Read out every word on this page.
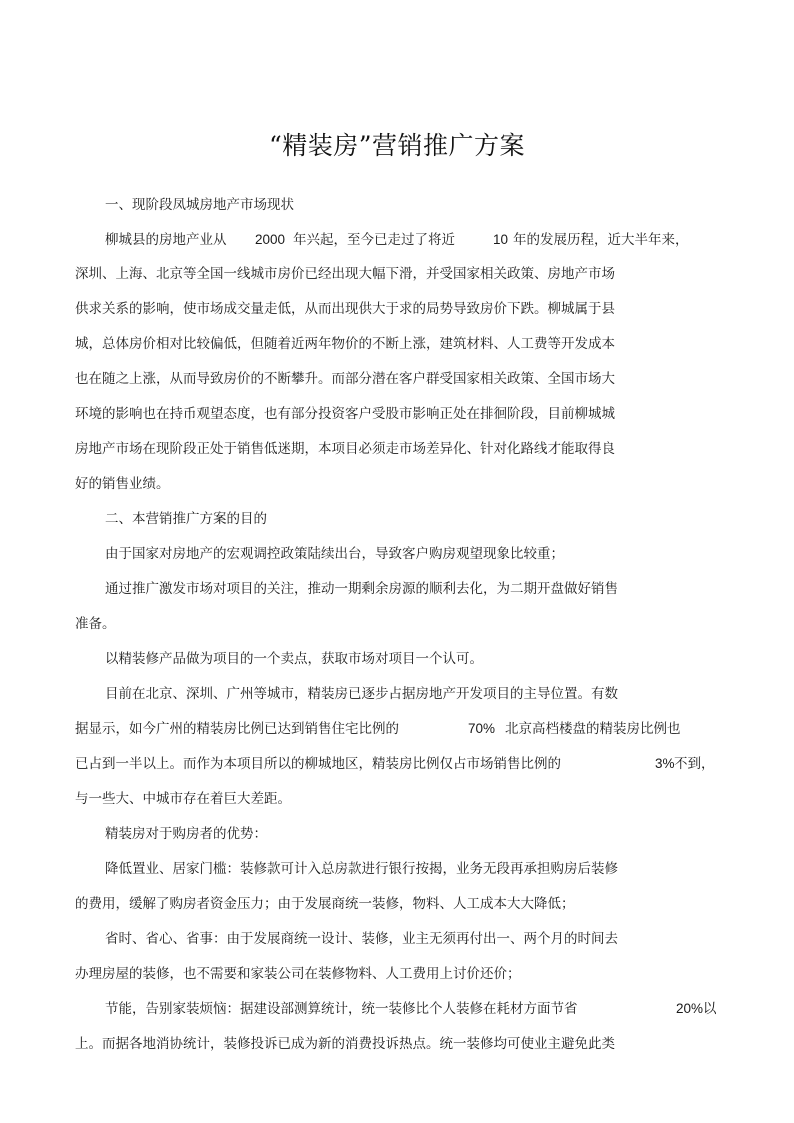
“精装房”营销推广方案
一、现阶段凤城房地产市场现状
柳城县的房地产业从 2000 年兴起，至今已走过了将近	10 年的发展历程，近大半年来，
深圳、上海、北京等全国一线城市房价已经出现大幅下滑，并受国家相关政策、房地产市场
供求关系的影响，使市场成交量走低，从而出现供大于求的局势导致房价下跌。柳城属于县
城，总体房价相对比较偏低，但随着近两年物价的不断上涨，建筑材料、人工费等开发成本
也在随之上涨，从而导致房价的不断攀升。而部分潜在客户群受国家相关政策、全国市场大
环境的影响也在持币观望态度，也有部分投资客户受股市影响正处在排徊阶段，目前柳城城
房地产市场在现阶段正处于销售低迷期，本项目必须走市场差异化、针对化路线才能取得良
好的销售业绩。
二、本营销推广方案的目的
由于国家对房地产的宏观调控政策陆续出台，导致客户购房观望现象比较重；
通过推广激发市场对项目的关注，推动一期剩余房源的顺利去化，为二期开盘做好销售
准备。
以精装修产品做为项目的一个卖点，获取市场对项目一个认可。
目前在北京、深圳、广州等城市，精装房已逐步占据房地产开发项目的主导位置。有数
据显示，如今广州的精装房比例已达到销售住宅比例的	70% 北京高档楼盘的精装房比例也
已占到一半以上。而作为本项目所以的柳城地区，精装房比例仅占市场销售比例的	3% 不到，
与一些大、中城市存在着巨大差距。
精装房对于购房者的优势：
降低置业、居家门槛：装修款可计入总房款进行银行按揭，业务无段再承担购房后装修
的费用，缓解了购房者资金压力；由于发展商统一装修，物料、人工成本大大降低；
省时、省心、省事：由于发展商统一设计、装修，业主无须再付出一、两个月的时间去
办理房屋的装修，也不需要和家装公司在装修物料、人工费用上讨价还价；
节能，告别家装烦恼：据建设部测算统计，统一装修比个人装修在耗材方面节省	20% 以
上。而据各地消协统计，装修投诉已成为新的消费投诉热点。统一装修均可使业主避免此类
